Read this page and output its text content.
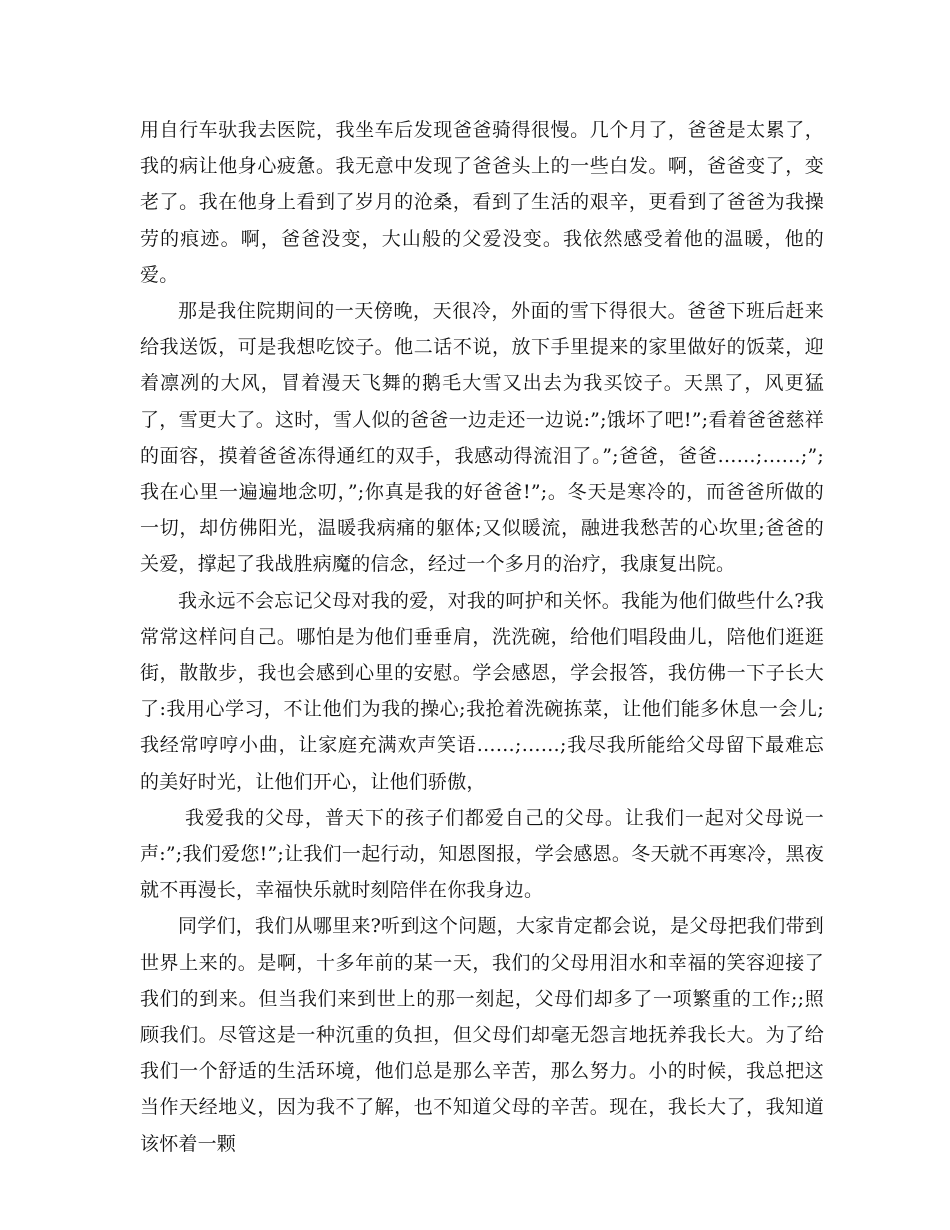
用自行车驮我去医院，我坐车后发现爸爸骑得很慢。几个月了，爸爸是太累了，我的病让他身心疲惫。我无意中发现了爸爸头上的一些白发。啊，爸爸变了，变老了。我在他身上看到了岁月的沧桑，看到了生活的艰辛，更看到了爸爸为我操劳的痕迹。啊，爸爸没变，大山般的父爱没变。我依然感受着他的温暖，他的爱。

那是我住院期间的一天傍晚，天很冷，外面的雪下得很大。爸爸下班后赶来给我送饭，可是我想吃饺子。他二话不说，放下手里提来的家里做好的饭菜，迎着凛冽的大风，冒着漫天飞舞的鹅毛大雪又出去为我买饺子。天黑了，风更猛了，雪更大了。这时，雪人似的爸爸一边走还一边说:”;饿坏了吧!”;看着爸爸慈祥的面容，摸着爸爸冻得通红的双手，我感动得流泪了。”;爸爸，爸爸……;……;”;我在心里一遍遍地念叨，”;你真是我的好爸爸!”;。冬天是寒冷的，而爸爸所做的一切，却仿佛阳光，温暖我病痛的躯体;又似暖流，融进我愁苦的心坎里;爸爸的关爱，撑起了我战胜病魔的信念，经过一个多月的治疗，我康复出院。

我永远不会忘记父母对我的爱，对我的呵护和关怀。我能为他们做些什么?我常常这样问自己。哪怕是为他们垂垂肩，洗洗碗，给他们唱段曲儿，陪他们逛逛街，散散步，我也会感到心里的安慰。学会感恩，学会报答，我仿佛一下子长大了:我用心学习，不让他们为我的操心;我抢着洗碗拣菜，让他们能多休息一会儿;我经常哼哼小曲，让家庭充满欢声笑语……;……;我尽我所能给父母留下最难忘的美好时光，让他们开心，让他们骄傲，

我爱我的父母，普天下的孩子们都爱自己的父母。让我们一起对父母说一声:”;我们爱您!”;让我们一起行动，知恩图报，学会感恩。冬天就不再寒冷，黑夜就不再漫长，幸福快乐就时刻陪伴在你我身边。

同学们，我们从哪里来?听到这个问题，大家肯定都会说，是父母把我们带到世界上来的。是啊，十多年前的某一天，我们的父母用泪水和幸福的笑容迎接了我们的到来。但当我们来到世上的那一刻起，父母们却多了一项繁重的工作;;照顾我们。尽管这是一种沉重的负担，但父母们却毫无怨言地抚养我长大。为了给我们一个舒适的生活环境，他们总是那么辛苦，那么努力。小的时候，我总把这当作天经地义，因为我不了解，也不知道父母的辛苦。现在，我长大了，我知道该怀着一颗
